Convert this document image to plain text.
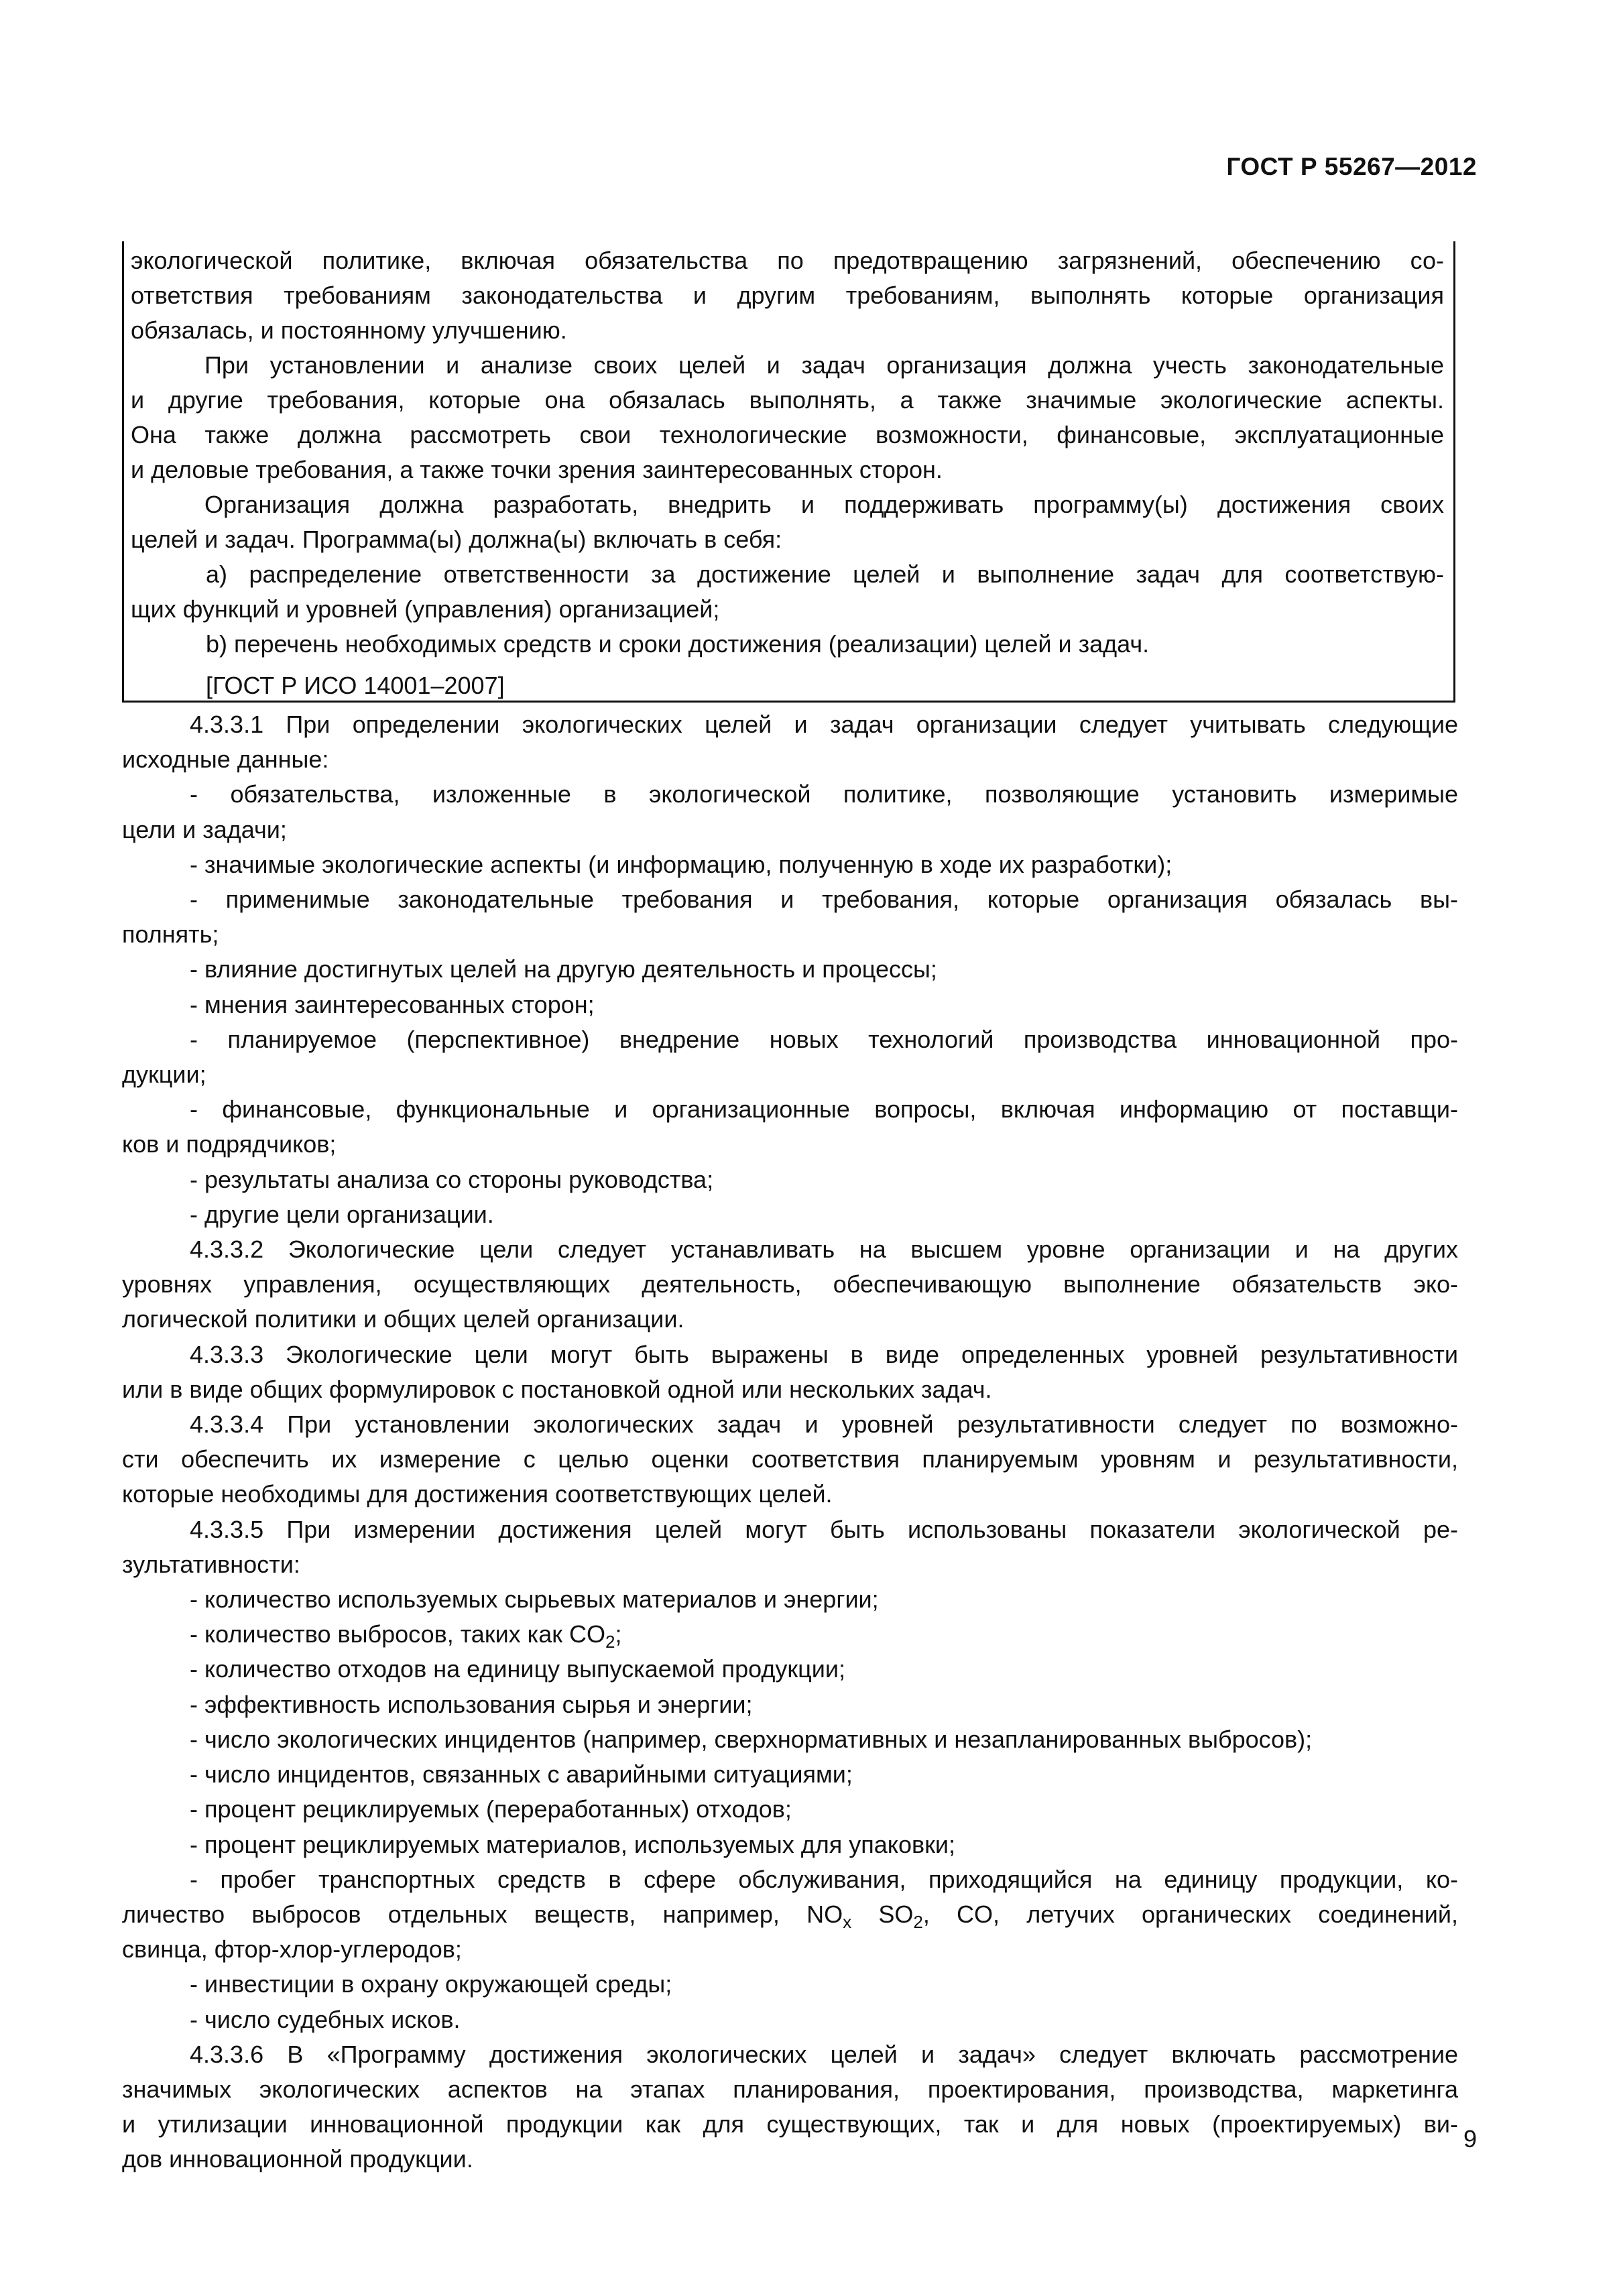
ГОСТ Р 55267—2012
экологической политике, включая обязательства по предотвращению загрязнений, обеспечению со-
ответствия требованиям законодательства и другим требованиям, выполнять которые организация
обязалась, и постоянному улучшению.
При установлении и анализе своих целей и задач организация должна учесть законодательные
и другие требования, которые она обязалась выполнять, а также значимые экологические аспекты.
Она также должна рассмотреть свои технологические возможности, финансовые, эксплуатационные
и деловые требования, а также точки зрения заинтересованных сторон.
Организация должна разработать, внедрить и поддерживать программу(ы) достижения своих
целей и задач. Программа(ы) должна(ы) включать в себя:
a) распределение ответственности за достижение целей и выполнение задач для соответствую-
щих функций и уровней (управления) организацией;
b) перечень необходимых средств и сроки достижения (реализации) целей и задач.
[ГОСТ Р ИСО 14001–2007]
4.3.3.1 При определении экологических целей и задач организации следует учитывать следующие
исходные данные:
- обязательства, изложенные в экологической политике, позволяющие установить измеримые
цели и задачи;
- значимые экологические аспекты (и информацию, полученную в ходе их разработки);
- применимые законодательные требования и требования, которые организация обязалась вы-
полнять;
- влияние достигнутых целей на другую деятельность и процессы;
- мнения заинтересованных сторон;
- планируемое (перспективное) внедрение новых технологий производства инновационной про-
дукции;
- финансовые, функциональные и организационные вопросы, включая информацию от поставщи-
ков и подрядчиков;
- результаты анализа со стороны руководства;
- другие цели организации.
4.3.3.2 Экологические цели следует устанавливать на высшем уровне организации и на других
уровнях управления, осуществляющих деятельность, обеспечивающую выполнение обязательств эко-
логической политики и общих целей организации.
4.3.3.3 Экологические цели могут быть выражены в виде определенных уровней результативности
или в виде общих формулировок с постановкой одной или нескольких задач.
4.3.3.4 При установлении экологических задач и уровней результативности следует по возможно-
сти обеспечить их измерение с целью оценки соответствия планируемым уровням и результативности,
которые необходимы для достижения соответствующих целей.
4.3.3.5 При измерении достижения целей могут быть использованы показатели экологической ре-
зультативности:
- количество используемых сырьевых материалов и энергии;
- количество выбросов, таких как $CO_2$;
- количество отходов на единицу выпускаемой продукции;
- эффективность использования сырья и энергии;
- число экологических инцидентов (например, сверхнормативных и незапланированных выбросов);
- число инцидентов, связанных с аварийными ситуациями;
- процент рециклируемых (переработанных) отходов;
- процент рециклируемых материалов, используемых для упаковки;
- пробег транспортных средств в сфере обслуживания, приходящийся на единицу продукции, ко-
личество выбросов отдельных веществ, например, $NO_x$ $SO_2$, CO, летучих органических соединений,
свинца, фтор-хлор-углеродов;
- инвестиции в охрану окружающей среды;
- число судебных исков.
4.3.3.6 В «Программу достижения экологических целей и задач» следует включать рассмотрение
значимых экологических аспектов на этапах планирования, проектирования, производства, маркетинга
и утилизации инновационной продукции как для существующих, так и для новых (проектируемых) ви-
дов инновационной продукции.
9
